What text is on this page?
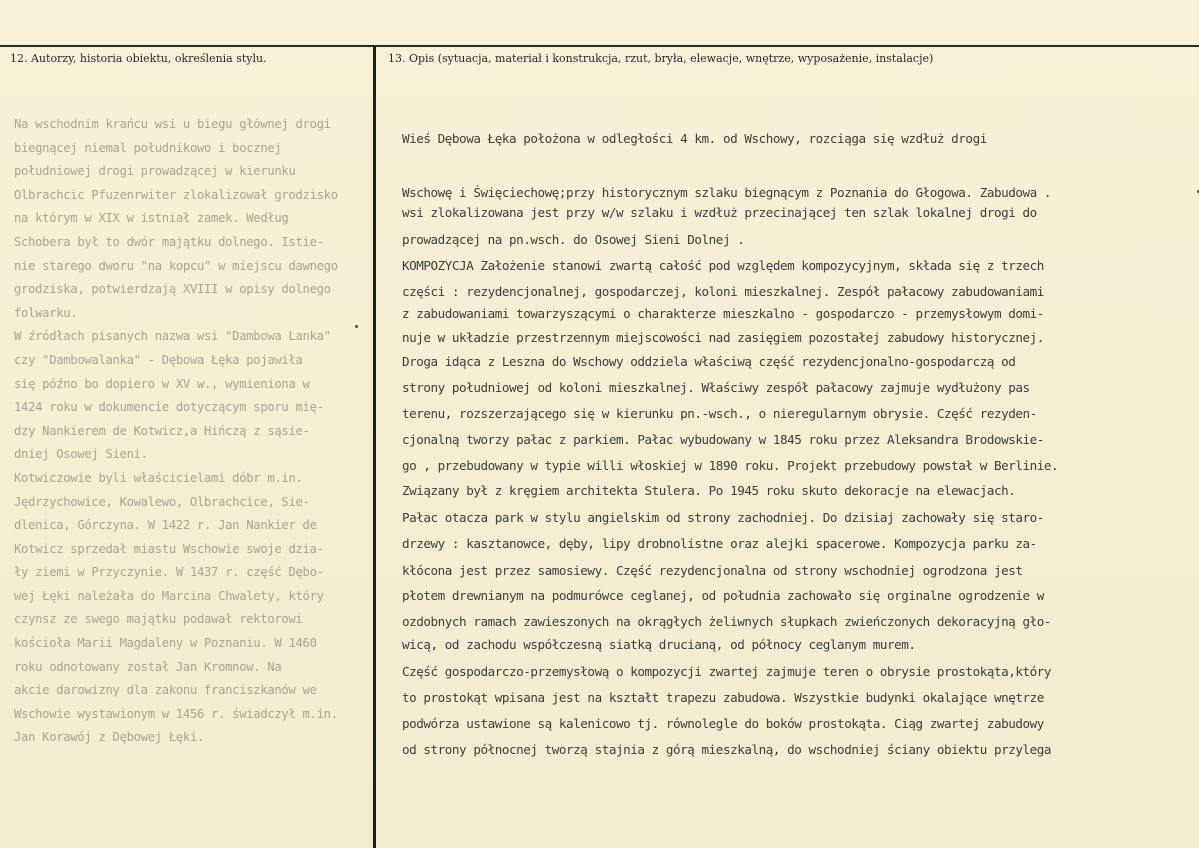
12. Autorzy, historia obiektu, określenia stylu.	13. Opis (sytuacja, materiał i konstrukcja, rzut, bryła, elewacje, wnętrze, wyposażenie, instalacje)
Na wschodnim krańcu wsi u biegu głównej drogi
biegnącej niemal południkowo i bocznej
południowej drogi prowadzącej w kierunku
Olbrachcic Pfuzenrwiter zlokalizował grodzisko
na którym w XIX w istniał zamek. Według
Schobera był to dwór majątku dolnego. Istie-
nie starego dworu "na kopcu" w miejscu dawnego
grodziska, potwierdzają XVIII w opisy dolnego
folwarku.
W źródłach pisanych nazwa wsi "Dambowa Lanka"
czy "Dambowalanka" - Dębowa Łęka pojawiła
się późno bo dopiero w XV w., wymieniona w
1424 roku w dokumencie dotyczącym sporu mię-
dzy Nankierem de Kotwicz,a Hińczą z sąsie-
dniej Osowej Sieni.
Kotwiczowie byli właścicielami dóbr m.in.
Jędrzychowice, Kowalewo, Olbrachcice, Sie-
dlenica, Górczyna. W 1422 r. Jan Nankier de
Kotwicz sprzedał miastu Wschowie swoje dzia-
ły ziemi w Przyczynie. W 1437 r. część Dębo-
wej Łęki należała do Marcina Chwalety, który
czynsz ze swego majątku podawał rektorowi
kościoła Marii Magdaleny w Poznaniu. W 1460
roku odnotowany został Jan Kromnow. Na
akcie darowizny dla zakonu franciszkanów we
Wschowie wystawionym w 1456 r. świadczył m.in.
Jan Korawój z Dębowej Łęki.
Wieś Dębowa Łęka położona w odległości 4 km. od Wschowy, rozciąga się wzdłuż drogi
Wschowę i Święciechowę;przy historycznym szlaku biegnącym z Poznania do Głogowa. Zabudowa .
wsi zlokalizowana jest przy w/w szlaku i wzdłuż przecinającej ten szlak lokalnej drogi do
prowadzącej na pn.wsch. do Osowej Sieni Dolnej .
KOMPOZYCJA Założenie stanowi zwartą całość pod względem kompozycyjnym, składa się z trzech
części : rezydencjonalnej, gospodarczej, koloni mieszkalnej. Zespół pałacowy zabudowaniami
z zabudowaniami towarzyszącymi o charakterze mieszkalno - gospodarczo - przemysłowym domi-
nuje w układzie przestrzennym miejscowości nad zasięgiem pozostałej zabudowy historycznej.
Droga idąca z Leszna do Wschowy oddziela właściwą część rezydencjonalno-gospodarczą od
strony południowej od koloni mieszkalnej. Właściwy zespół pałacowy zajmuje wydłużony pas
terenu, rozszerzającego się w kierunku pn.-wsch., o nieregularnym obrysie. Część rezyden-
cjonalną tworzy pałac z parkiem. Pałac wybudowany w 1845 roku przez Aleksandra Brodowskie-
go , przebudowany w typie willi włoskiej w 1890 roku. Projekt przebudowy powstał w Berlinie.
Związany był z kręgiem architekta Stulera. Po 1945 roku skuto dekoracje na elewacjach.
Pałac otacza park w stylu angielskim od strony zachodniej. Do dzisiaj zachowały się staro-
drzewy : kasztanowce, dęby, lipy drobnolistne oraz alejki spacerowe. Kompozycja parku za-
kłócona jest przez samosiewy. Część rezydencjonalna od strony wschodniej ogrodzona jest
płotem drewnianym na podmurówce ceglanej, od południa zachowało się orginalne ogrodzenie w
ozdobnych ramach zawieszonych na okrągłych żeliwnych słupkach zwieńczonych dekoracyjną gło-
wicą, od zachodu współczesną siatką drucianą, od północy ceglanym murem.
Część gospodarczo-przemysłową o kompozycji zwartej zajmuje teren o obrysie prostokąta,który
to prostokąt wpisana jest na kształt trapezu zabudowa. Wszystkie budynki okalające wnętrze
podwórza ustawione są kalenicowo tj. równolegle do boków prostokąta. Ciąg zwartej zabudowy
od strony północnej tworzą stajnia z górą mieszkalną, do wschodniej ściany obiektu przylega
